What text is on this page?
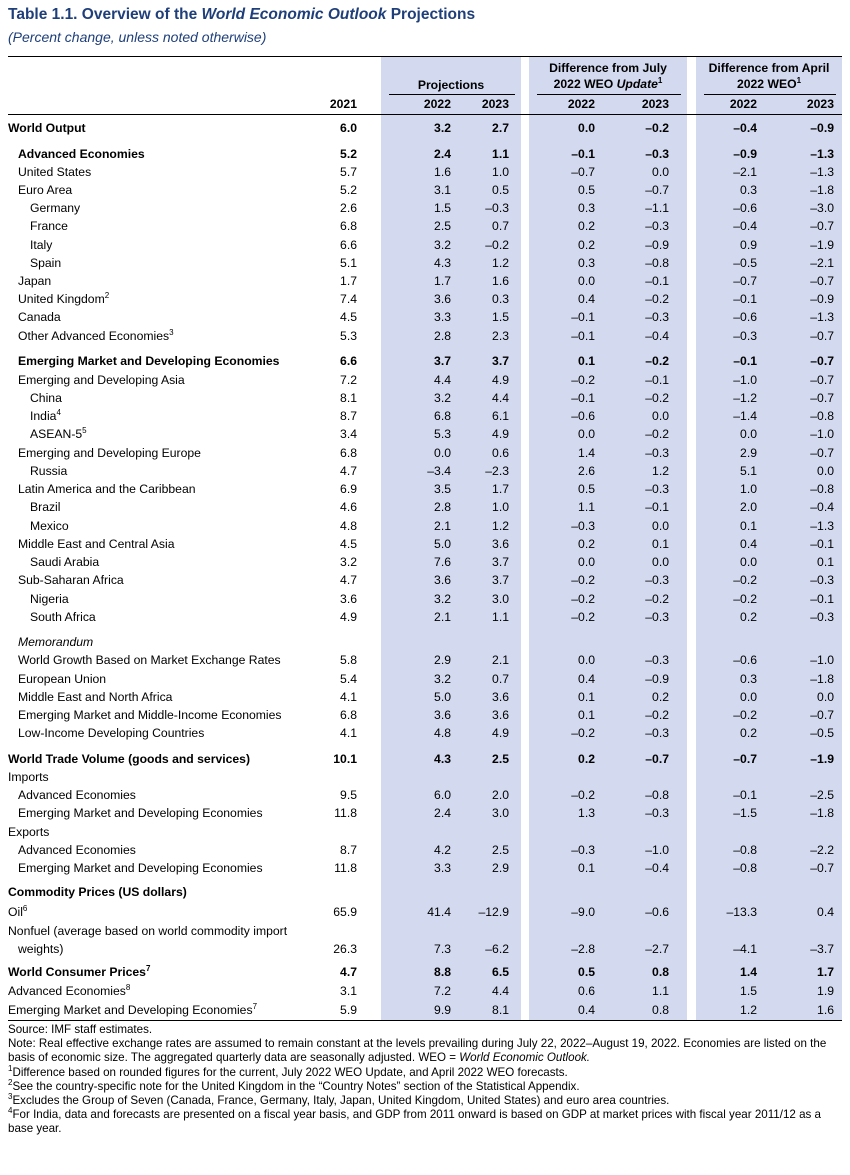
Table 1.1. Overview of the World Economic Outlook Projections
(Percent change, unless noted otherwise)
Projections
Difference from July
2022 WEO Update$^1$
Difference from April
2022 WEO$^1$
2021	2022	2023	2022	2023	2022	2023
World Output	6.0	3.2	2.7	0.0	–0.2	–0.4	–0.9
Advanced Economies	5.2	2.4	1.1	–0.1	–0.3	–0.9	–1.3
United States	5.7	1.6	1.0	–0.7	0.0	–2.1	–1.3
Euro Area	5.2	3.1	0.5	0.5	–0.7	0.3	–1.8
Germany	2.6	1.5	–0.3	0.3	–1.1	–0.6	–3.0
France	6.8	2.5	0.7	0.2	–0.3	–0.4	–0.7
Italy	6.6	3.2	–0.2	0.2	–0.9	0.9	–1.9
Spain	5.1	4.3	1.2	0.3	–0.8	–0.5	–2.1
Japan	1.7	1.7	1.6	0.0	–0.1	–0.7	–0.7
United Kingdom$^2$	7.4	3.6	0.3	0.4	–0.2	–0.1	–0.9
Canada	4.5	3.3	1.5	–0.1	–0.3	–0.6	–1.3
Other Advanced Economies$^3$	5.3	2.8	2.3	–0.1	–0.4	–0.3	–0.7
Emerging Market and Developing Economies	6.6	3.7	3.7	0.1	–0.2	–0.1	–0.7
Emerging and Developing Asia	7.2	4.4	4.9	–0.2	–0.1	–1.0	–0.7
China	8.1	3.2	4.4	–0.1	–0.2	–1.2	–0.7
India$^4$	8.7	6.8	6.1	–0.6	0.0	–1.4	–0.8
ASEAN-$5^5$	3.4	5.3	4.9	0.0	–0.2	0.0	–1.0
Emerging and Developing Europe	6.8	0.0	0.6	1.4	–0.3	2.9	–0.7
Russia	4.7	–3.4	–2.3	2.6	1.2	5.1	0.0
Latin America and the Caribbean	6.9	3.5	1.7	0.5	–0.3	1.0	–0.8
Brazil	4.6	2.8	1.0	1.1	–0.1	2.0	–0.4
Mexico	4.8	2.1	1.2	–0.3	0.0	0.1	–1.3
Middle East and Central Asia	4.5	5.0	3.6	0.2	0.1	0.4	–0.1
Saudi Arabia	3.2	7.6	3.7	0.0	0.0	0.0	0.1
Sub-Saharan Africa	4.7	3.6	3.7	–0.2	–0.3	–0.2	–0.3
Nigeria	3.6	3.2	3.0	–0.2	–0.2	–0.2	–0.1
South Africa	4.9	2.1	1.1	–0.2	–0.3	0.2	–0.3
Memorandum
World Growth Based on Market Exchange Rates	5.8	2.9	2.1	0.0	–0.3	–0.6	–1.0
European Union	5.4	3.2	0.7	0.4	–0.9	0.3	–1.8
Middle East and North Africa	4.1	5.0	3.6	0.1	0.2	0.0	0.0
Emerging Market and Middle-Income Economies	6.8	3.6	3.6	0.1	–0.2	–0.2	–0.7
Low-Income Developing Countries	4.1	4.8	4.9	–0.2	–0.3	0.2	–0.5
World Trade Volume (goods and services)	10.1	4.3	2.5	0.2	–0.7	–0.7	–1.9
Imports
Advanced Economies	9.5	6.0	2.0	–0.2	–0.8	–0.1	–2.5
Emerging Market and Developing Economies	11.8	2.4	3.0	1.3	–0.3	–1.5	–1.8
Exports
Advanced Economies	8.7	4.2	2.5	–0.3	–1.0	–0.8	–2.2
Emerging Market and Developing Economies	11.8	3.3	2.9	0.1	–0.4	–0.8	–0.7
Commodity Prices (US dollars)
Oil$^6$	65.9	41.4	–12.9	–9.0	–0.6	–13.3	0.4
Nonfuel (average based on world commodity import
weights)	26.3	7.3	–6.2	–2.8	–2.7	–4.1	–3.7
World Consumer Prices$^7$	4.7	8.8	6.5	0.5	0.8	1.4	1.7
Advanced Economies$^8$	3.1	7.2	4.4	0.6	1.1	1.5	1.9
Emerging Market and Developing Economies$^7$	5.9	9.9	8.1	0.4	0.8	1.2	1.6
Source: IMF staff estimates.
Note: Real effective exchange rates are assumed to remain constant at the levels prevailing during July 22, 2022–August 19, 2022. Economies are listed on the basis of economic size. The aggregated quarterly data are seasonally adjusted. WEO = World Economic Outlook.
$^1$Difference based on rounded figures for the current, July 2022 WEO Update, and April 2022 WEO forecasts.
$^2$See the country-specific note for the United Kingdom in the “Country Notes” section of the Statistical Appendix.
$^3$Excludes the Group of Seven (Canada, France, Germany, Italy, Japan, United Kingdom, United States) and euro area countries.
$^4$For India, data and forecasts are presented on a fiscal year basis, and GDP from 2011 onward is based on GDP at market prices with fiscal year 2011/12 as a base year.
